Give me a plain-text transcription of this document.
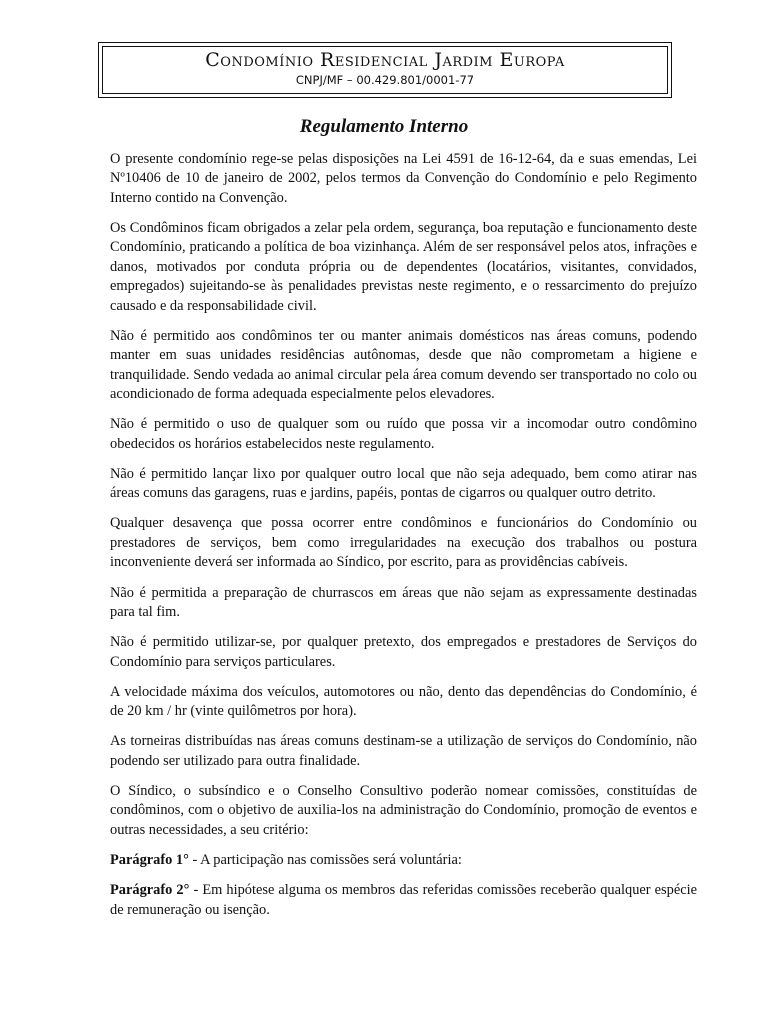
Condomínio Residencial Jardim Europa
CNPJ/MF – 00.429.801/0001-77
Regulamento Interno

O presente condomínio rege-se pelas disposições na Lei 4591 de 16-12-64, da e suas emendas, Lei Nº10406 de 10 de janeiro de 2002, pelos termos da Convenção do Condomínio e pelo Regimento Interno contido na Convenção.

Os Condôminos ficam obrigados a zelar pela ordem, segurança, boa reputação e funcionamento deste Condomínio, praticando a política de boa vizinhança. Além de ser responsável pelos atos, infrações e danos, motivados por conduta própria ou de dependentes (locatários, visitantes, convidados, empregados) sujeitando-se às penalidades previstas neste regimento, e o ressarcimento do prejuízo causado e da responsabilidade civil.

Não é permitido aos condôminos ter ou manter animais domésticos nas áreas comuns, podendo manter em suas unidades residências autônomas, desde que não comprometam a higiene e tranquilidade. Sendo vedada ao animal circular pela área comum devendo ser transportado no colo ou acondicionado de forma adequada especialmente pelos elevadores.

Não é permitido o uso de qualquer som ou ruído que possa vir a incomodar outro condômino obedecidos os horários estabelecidos neste regulamento.

Não é permitido lançar lixo por qualquer outro local que não seja adequado, bem como atirar nas áreas comuns das garagens, ruas e jardins, papéis, pontas de cigarros ou qualquer outro detrito.

Qualquer desavença que possa ocorrer entre condôminos e funcionários do Condomínio ou prestadores de serviços, bem como irregularidades na execução dos trabalhos ou postura inconveniente deverá ser informada ao Síndico, por escrito, para as providências cabíveis.

Não é permitida a preparação de churrascos em áreas que não sejam as expressamente destinadas para tal fim.

Não é permitido utilizar-se, por qualquer pretexto, dos empregados e prestadores de Serviços do Condomínio para serviços particulares.

A velocidade máxima dos veículos, automotores ou não, dento das dependências do Condomínio, é de 20 km / hr (vinte quilômetros por hora).

As torneiras distribuídas nas áreas comuns destinam-se a utilização de serviços do Condomínio, não podendo ser utilizado para outra finalidade.

O Síndico, o subsíndico e o Conselho Consultivo poderão nomear comissões, constituídas de condôminos, com o objetivo de auxilia-los na administração do Condomínio, promoção de eventos e outras necessidades, a seu critério:

Parágrafo 1° - A participação nas comissões será voluntária:

Parágrafo 2° - Em hipótese alguma os membros das referidas comissões receberão qualquer espécie de remuneração ou isenção.
